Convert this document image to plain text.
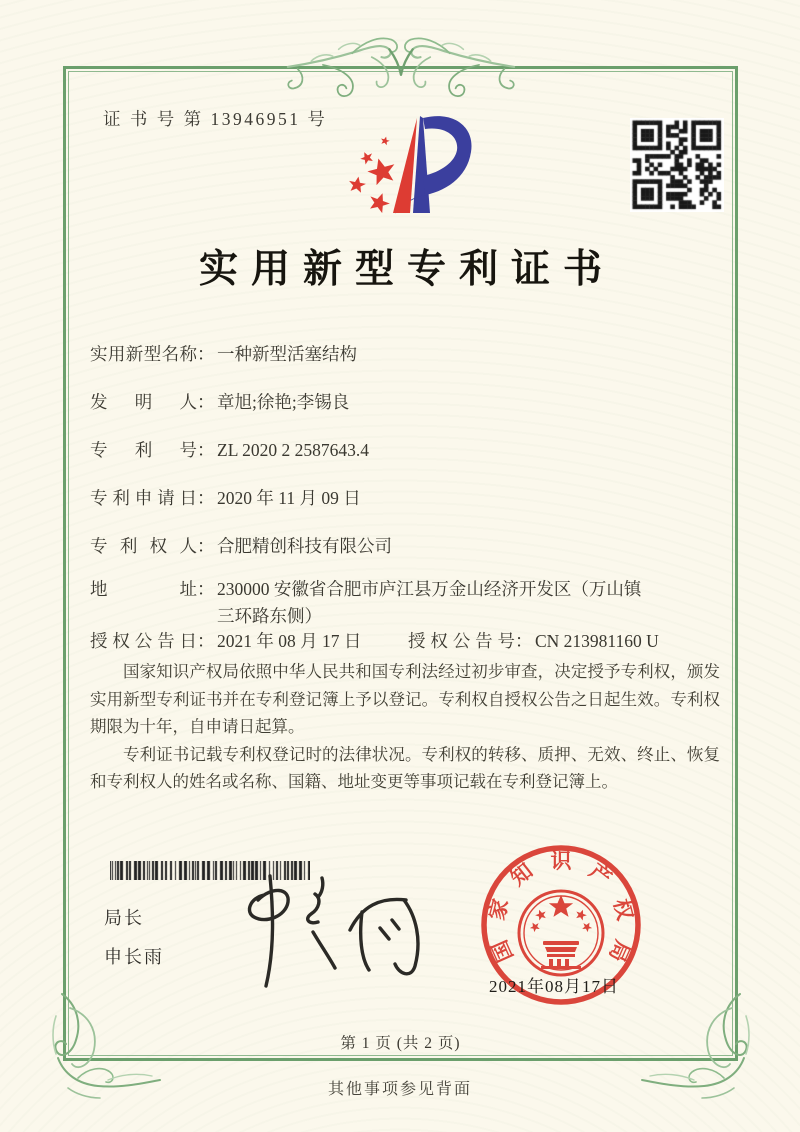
证 书 号 第 13946951 号
实用新型专利证书
实用新型名称 ： 一种新型活塞结构
发明人 ： 章旭;徐艳;李锡良
专利号 ： ZL 2020 2 2587643.4
专利申请日 ： 2020 年 11 月 09 日
专利权人 ： 合肥精创科技有限公司
地址 ： 230000 安徽省合肥市庐江县万金山经济开发区（万山镇三环路东侧）
授权公告日 ： 2021 年 08 月 17 日	授权公告号 ： CN 213981160 U

国家知识产权局依照中华人民共和国专利法经过初步审查，决定授予专利权，颁发实用新型专利证书并在专利登记簿上予以登记。专利权自授权公告之日起生效。专利权期限为十年，自申请日起算。

专利证书记载专利权登记时的法律状况。专利权的转移、质押、无效、终止、恢复和专利权人的姓名或名称、国籍、地址变更等事项记载在专利登记簿上。

局长
申长雨	国
家
知 识 产
权
局
2021年08月17日
第 1 页 (共 2 页)
其他事项参见背面
